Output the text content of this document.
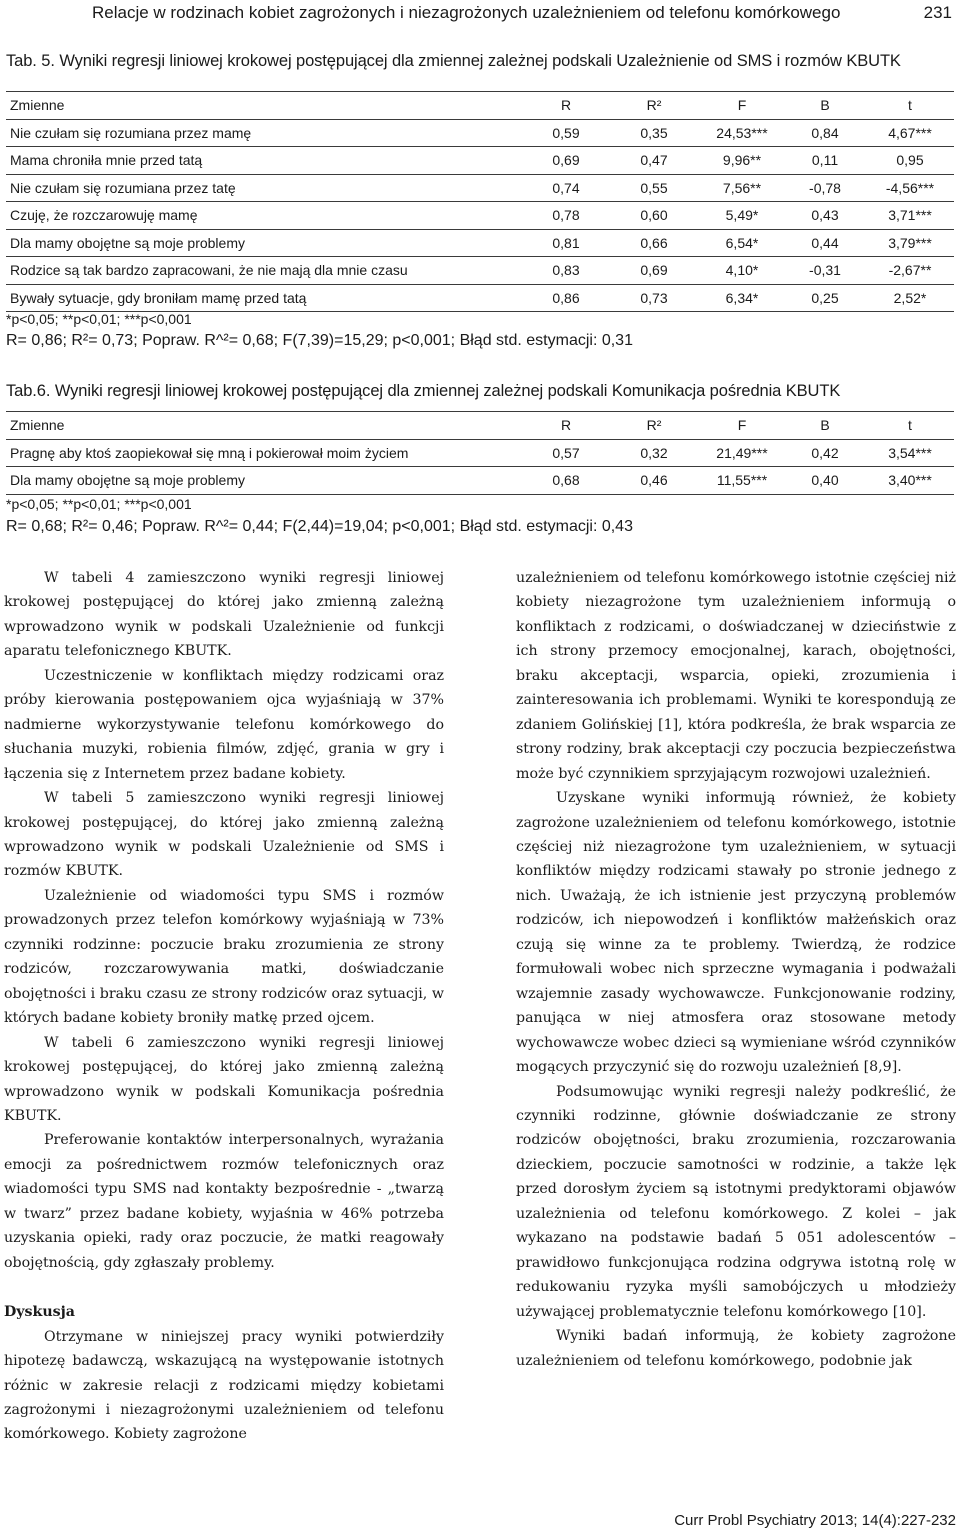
Relacje w rodzinach kobiet zagrożonych i niezagrożonych uzależnieniem od telefonu komórkowego	231
Tab. 5. Wyniki regresji liniowej krokowej postępującej dla zmiennej zależnej podskali Uzależnienie od SMS i rozmów KBUTK
Zmienne	R	R²	F	B	t
Nie czułam się rozumiana przez mamę	0,59	0,35	24,53***	0,84	4,67***
Mama chroniła mnie przed tatą	0,69	0,47	9,96**	0,11	0,95
Nie czułam się rozumiana przez tatę	0,74	0,55	7,56**	-0,78	-4,56***
Czuję, że rozczarowuję mamę	0,78	0,60	5,49*	0,43	3,71***
Dla mamy obojętne są moje problemy	0,81	0,66	6,54*	0,44	3,79***
Rodzice są tak bardzo zapracowani, że nie mają dla mnie czasu	0,83	0,69	4,10*	-0,31	-2,67**
Bywały sytuacje, gdy broniłam mamę przed tatą	0,86	0,73	6,34*	0,25	2,52*
*p<0,05; **p<0,01; ***p<0,001
R= 0,86; R²= 0,73; Popraw. R^²= 0,68; F(7,39)=15,29; p<0,001; Błąd std. estymacji: 0,31
Tab.6. Wyniki regresji liniowej krokowej postępującej dla zmiennej zależnej podskali Komunikacja pośrednia KBUTK
Zmienne	R	R²	F	B	t
Pragnę aby ktoś zaopiekował się mną i pokierował moim życiem	0,57	0,32	21,49***	0,42	3,54***
Dla mamy obojętne są moje problemy	0,68	0,46	11,55***	0,40	3,40***
*p<0,05; **p<0,01; ***p<0,001
R= 0,68; R²= 0,46; Popraw. R^²= 0,44; F(2,44)=19,04; p<0,001; Błąd std. estymacji: 0,43

W tabeli 4 zamieszczono wyniki regresji liniowej krokowej postępującej do której jako zmienną zależną wprowadzono wynik w podskali Uzależnienie od funkcji aparatu telefonicznego KBUTK.

Uczestniczenie w konfliktach między rodzicami oraz próby kierowania postępowaniem ojca wyjaśniają w 37% nadmierne wykorzystywanie telefonu komórkowego do słuchania muzyki, robienia filmów, zdjęć, grania w gry i łączenia się z Internetem przez badane kobiety.

W tabeli 5 zamieszczono wyniki regresji liniowej krokowej postępującej, do której jako zmienną zależną wprowadzono wynik w podskali Uzależnienie od SMS i rozmów KBUTK.

Uzależnienie od wiadomości typu SMS i rozmów prowadzonych przez telefon komórkowy wyjaśniają w 73% czynniki rodzinne: poczucie braku zrozumienia ze strony rodziców, rozczarowywania matki, doświadczanie obojętności i braku czasu ze strony rodziców oraz sytuacji, w których badane kobiety broniły matkę przed ojcem.

W tabeli 6 zamieszczono wyniki regresji liniowej krokowej postępującej, do której jako zmienną zależną wprowadzono wynik w podskali Komunikacja pośrednia KBUTK.

Preferowanie kontaktów interpersonalnych, wyrażania emocji za pośrednictwem rozmów telefonicznych oraz wiadomości typu SMS nad kontakty bezpośrednie - „twarzą w twarz” przez badane kobiety, wyjaśnia w 46% potrzeba uzyskania opieki, rady oraz poczucie, że matki reagowały obojętnością, gdy zgłaszały problemy.

Dyskusja

Otrzymane w niniejszej pracy wyniki potwierdziły hipotezę badawczą, wskazującą na występowanie istotnych różnic w zakresie relacji z rodzicami między kobietami zagrożonymi i niezagrożonymi uzależnieniem od telefonu komórkowego. Kobiety zagrożone

uzależnieniem od telefonu komórkowego istotnie częściej niż kobiety niezagrożone tym uzależnieniem informują o konfliktach z rodzicami, o doświadczanej w dzieciństwie z ich strony przemocy emocjonalnej, karach, obojętności, braku akceptacji, wsparcia, opieki, zrozumienia i zainteresowania ich problemami. Wyniki te korespondują ze zdaniem Golińskiej [1], która podkreśla, że brak wsparcia ze strony rodziny, brak akceptacji czy poczucia bezpieczeństwa może być czynnikiem sprzyjającym rozwojowi uzależnień.

Uzyskane wyniki informują również, że kobiety zagrożone uzależnieniem od telefonu komórkowego, istotnie częściej niż niezagrożone tym uzależnieniem, w sytuacji konfliktów między rodzicami stawały po stronie jednego z nich. Uważają, że ich istnienie jest przyczyną problemów rodziców, ich niepowodzeń i konfliktów małżeńskich oraz czują się winne za te problemy. Twierdzą, że rodzice formułowali wobec nich sprzeczne wymagania i podważali wzajemnie zasady wychowawcze. Funkcjonowanie rodziny, panująca w niej atmosfera oraz stosowane metody wychowawcze wobec dzieci są wymieniane wśród czynników mogących przyczynić się do rozwoju uzależnień [8,9].

Podsumowując wyniki regresji należy podkreślić, że czynniki rodzinne, głównie doświadczanie ze strony rodziców obojętności, braku zrozumienia, rozczarowania dzieckiem, poczucie samotności w rodzinie, a także lęk przed dorosłym życiem są istotnymi predyktorami objawów uzależnienia od telefonu komórkowego. Z kolei – jak wykazano na podstawie badań 5 051 adolescentów – prawidłowo funkcjonująca rodzina odgrywa istotną rolę w redukowaniu ryzyka myśli samobójczych u młodzieży używającej problematycznie telefonu komórkowego [10].

Wyniki badań informują, że kobiety zagrożone uzależnieniem od telefonu komórkowego, podobnie jak

Curr Probl Psychiatry 2013; 14(4):227-232
